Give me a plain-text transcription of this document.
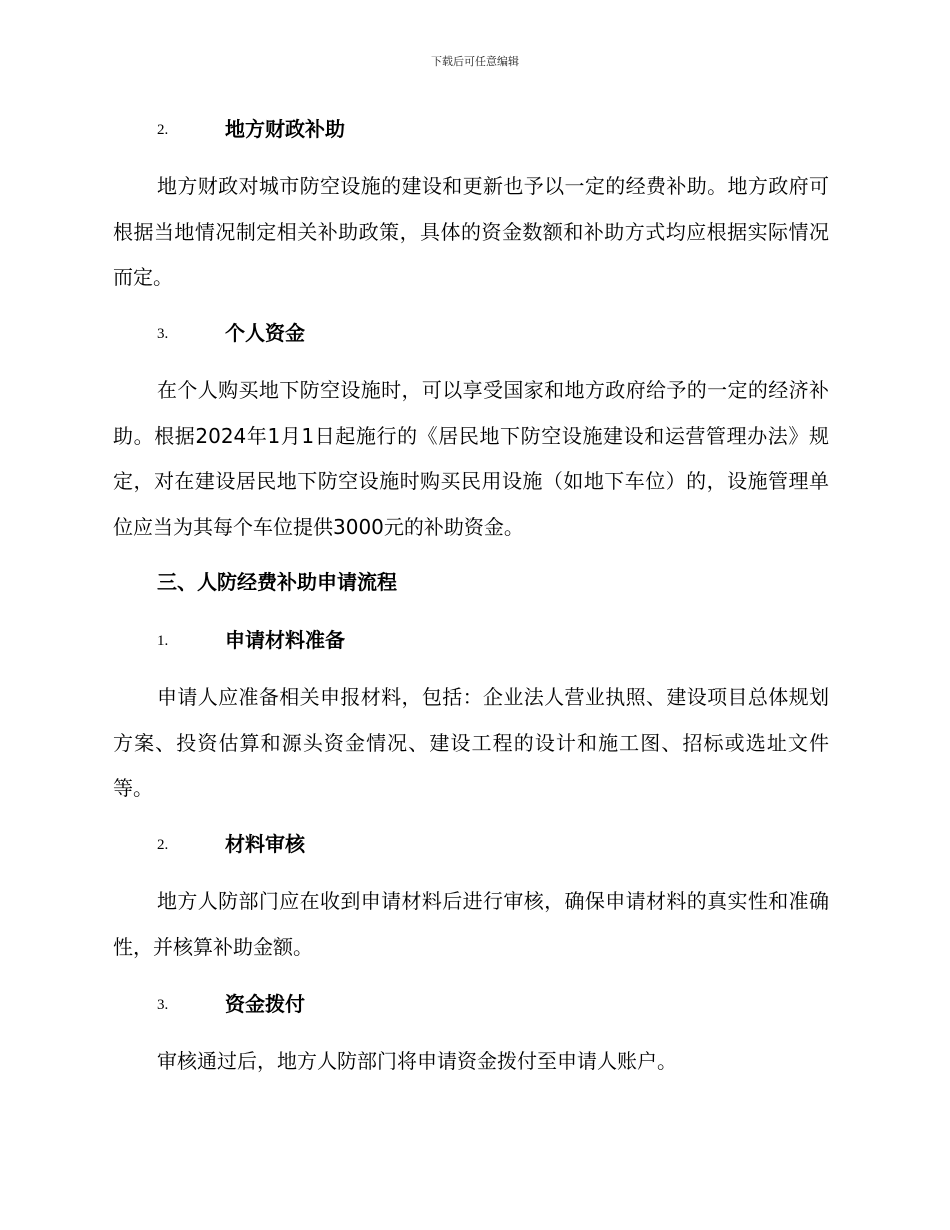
下载后可任意编辑
2.	地方财政补助

地方财政对城市防空设施的建设和更新也予以一定的经费补助。地方政府可根据当地情况制定相关补助政策，具体的资金数额和补助方式均应根据实际情况而定。

3.	个人资金

在个人购买地下防空设施时，可以享受国家和地方政府给予的一定的经济补助。根据2024年1月1日起施行的《居民地下防空设施建设和运营管理办法》规定，对在建设居民地下防空设施时购买民用设施（如地下车位）的，设施管理单位应当为其每个车位提供3000元的补助资金。

三、人防经费补助申请流程
1.	申请材料准备

申请人应准备相关申报材料，包括：企业法人营业执照、建设项目总体规划方案、投资估算和源头资金情况、建设工程的设计和施工图、招标或选址文件等。

2.	材料审核

地方人防部门应在收到申请材料后进行审核，确保申请材料的真实性和准确性，并核算补助金额。

3.	资金拨付

审核通过后，地方人防部门将申请资金拨付至申请人账户。
